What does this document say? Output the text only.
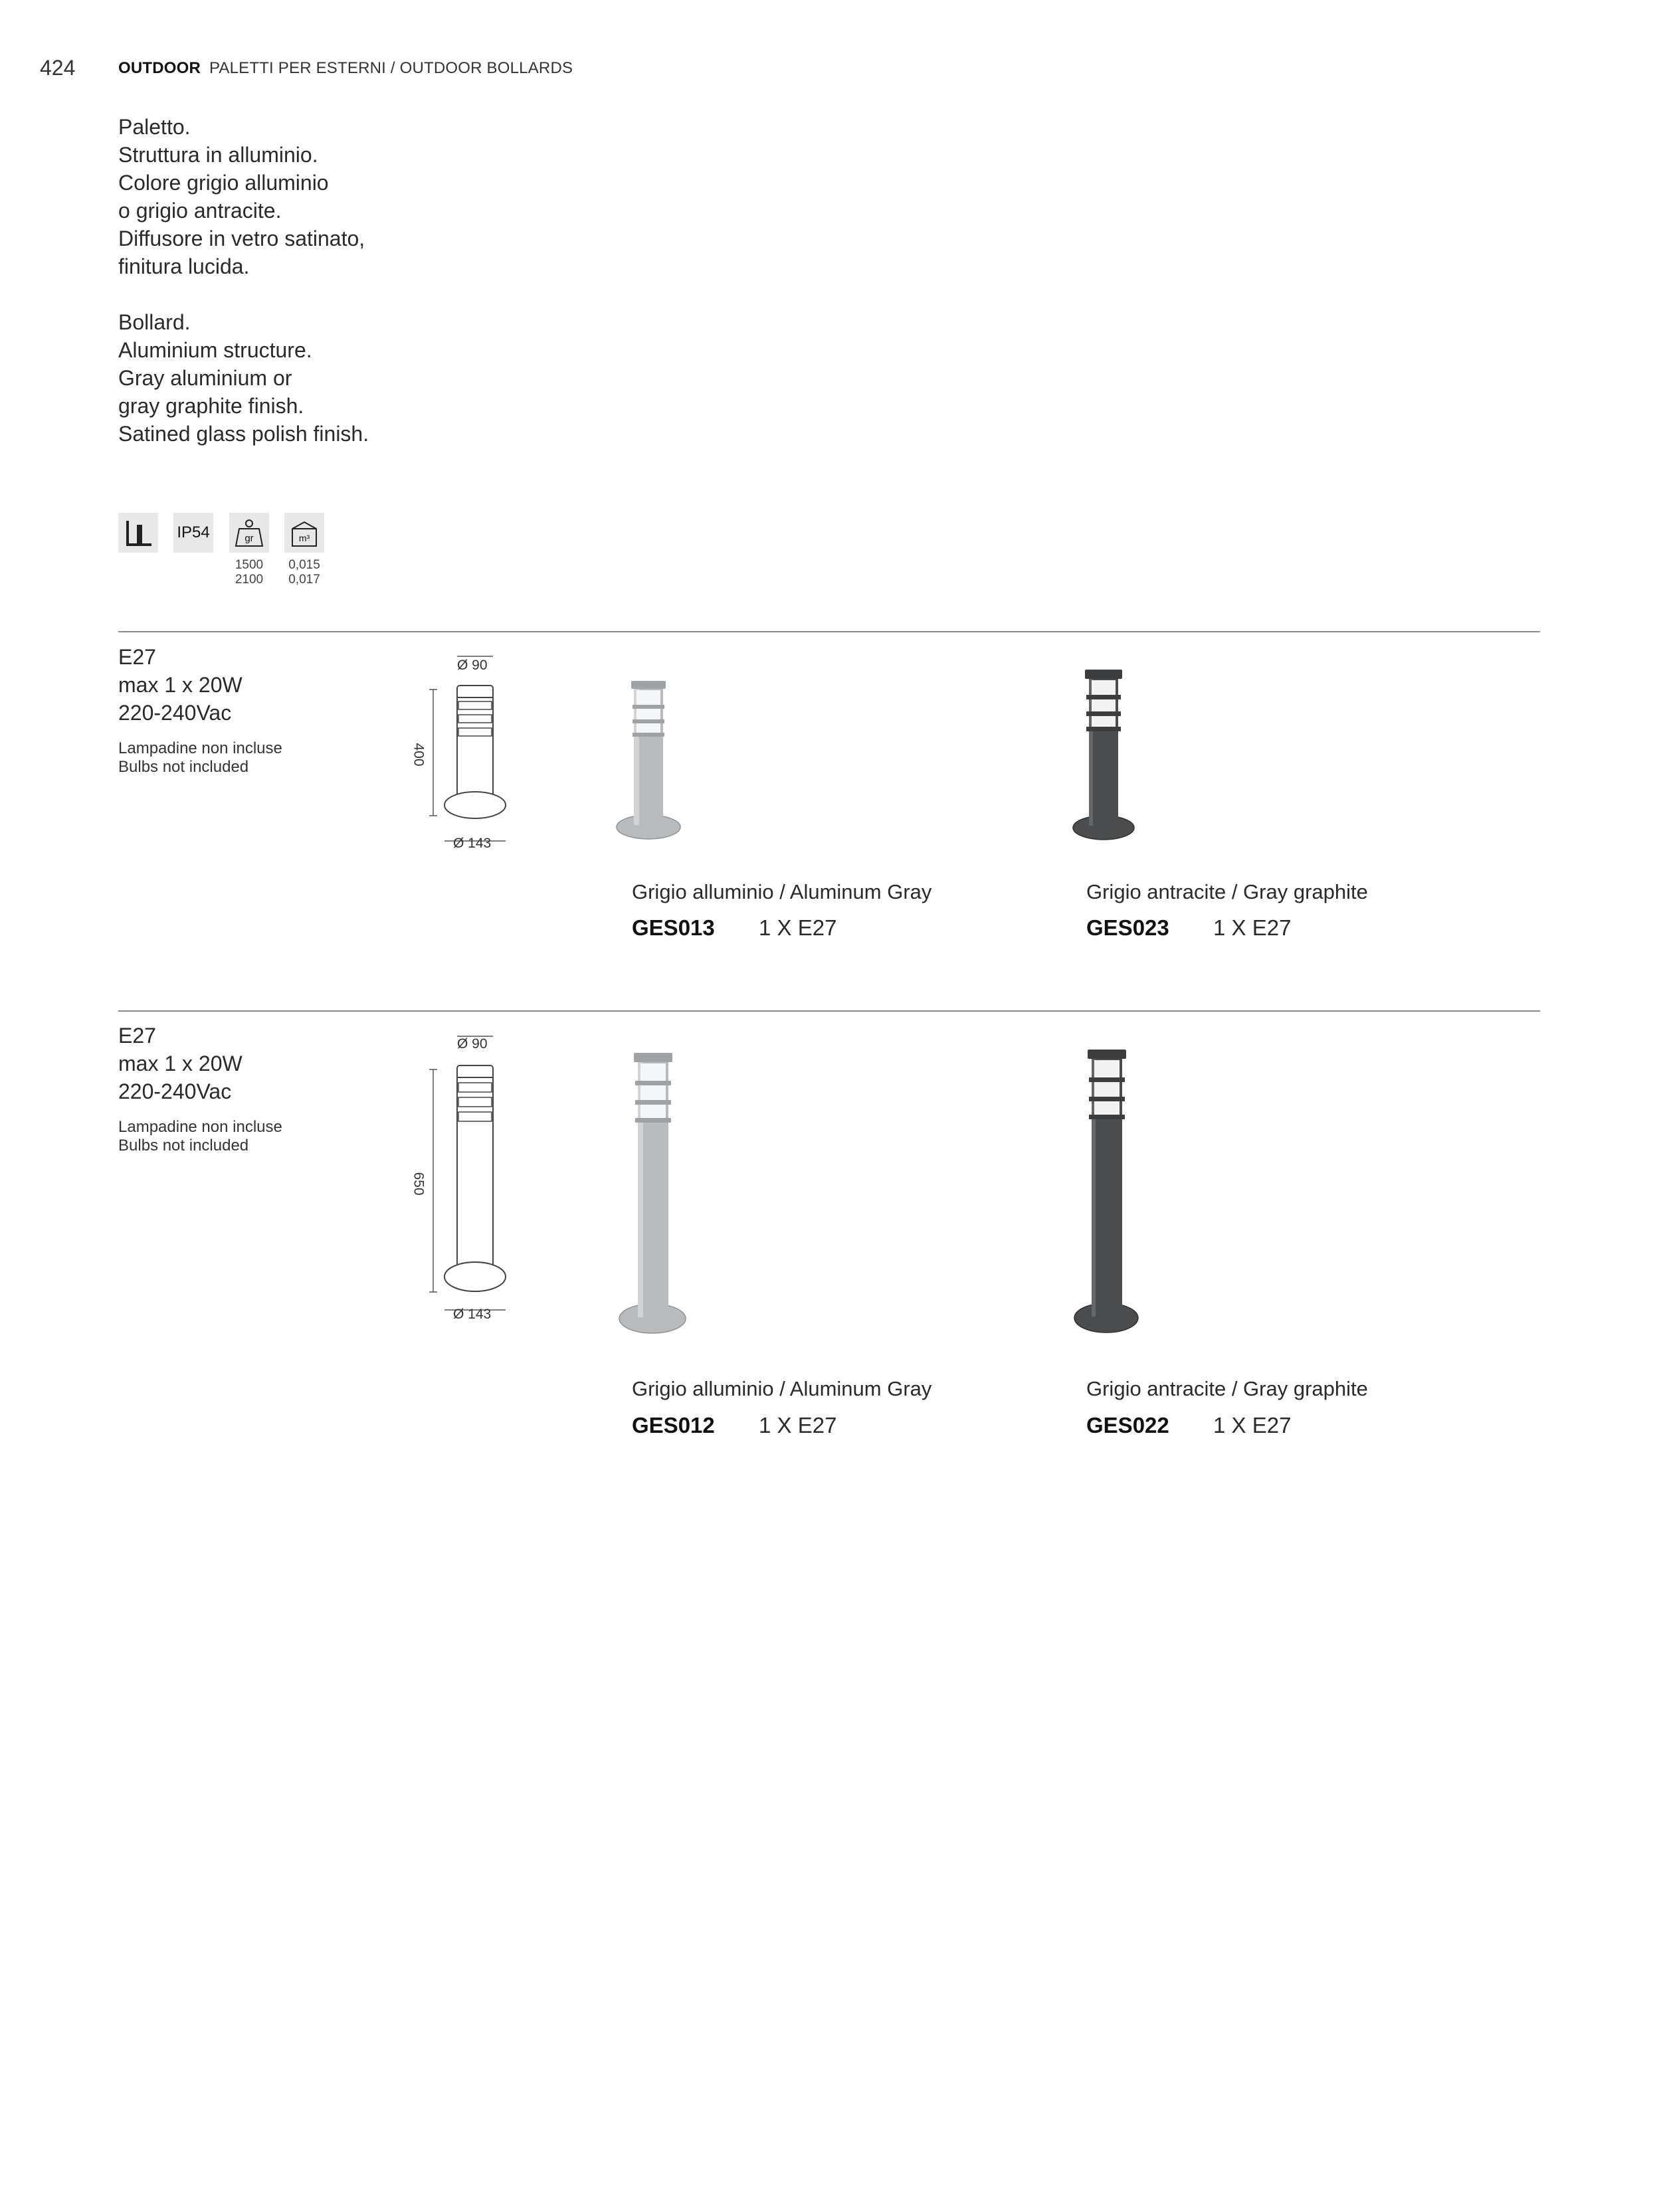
424	OUTDOOR PALETTI PER ESTERNI / OUTDOOR BOLLARDS
Paletto.
Struttura in alluminio.
Colore grigio alluminio
o grigio antracite.
Diffusore in vetro satinato,
finitura lucida.
Bollard.
Aluminium structure.
Gray aluminium or
gray graphite finish.
Satined glass polish finish.
IP54	gr	m³
1500
2100
0,015
0,017
E27
max 1 x 20W
220-240Vac
Lampadine non incluse
Bulbs not included
Ø 90
400
Ø 143
Grigio alluminio / Aluminum Gray
GES013 1 X E27
Grigio antracite / Gray graphite
GES023 1 X E27
E27
max 1 x 20W
220-240Vac
Lampadine non incluse
Bulbs not included
Ø 90
650
Ø 143
Grigio alluminio / Aluminum Gray
GES012 1 X E27
Grigio antracite / Gray graphite
GES022 1 X E27
